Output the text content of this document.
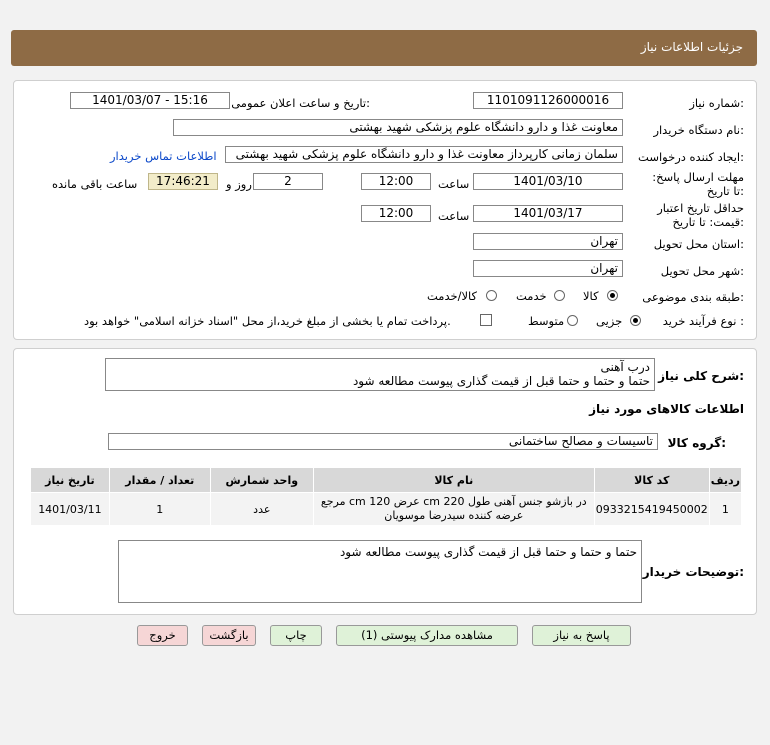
جزئیات اطلاعات نیاز
شماره نیاز:
1101091126000016
تاریخ و ساعت اعلان عمومی:
1401/03/07 - 15:16
نام دستگاه خریدار:
معاونت غذا و دارو دانشگاه علوم پزشکی شهید بهشتی
ایجاد کننده درخواست:
سلمان زمانی کارپرداز معاونت غذا و دارو دانشگاه علوم پزشکی شهید بهشتی
اطلاعات تماس خریدار
مهلت ارسال پاسخ: تا تاریخ:
1401/03/10
ساعت
12:00
2
روز و
17:46:21
ساعت باقی مانده
حداقل تاریخ اعتبار قیمت: تا تاریخ:
1401/03/17
ساعت
12:00
استان محل تحویل:
تهران
شهر محل تحویل:
تهران
طبقه بندی موضوعی:
کالا
خدمت
کالا/خدمت
نوع فرآیند خرید :
جزیی
متوسط
پرداخت تمام یا بخشی از مبلغ خرید،از محل "اسناد خزانه اسلامی" خواهد بود.
شرح کلی نیاز:
درب آهنی
حتما و حتما و حتما قبل از قیمت گذاری پیوست مطالعه شود
اطلاعات کالاهای مورد نیاز
گروه کالا:
تاسیسات و مصالح ساختمانی
ردیف	کد کالا	نام کالا	واحد شمارش	تعداد / مقدار	تاریخ نیاز
1	0933215419450002	در بازشو جنس آهنی طول 220 cm عرض 120 cm مرجع عرضه کننده سیدرضا موسویان	عدد	1	1401/03/11
توضیحات خریدار:
حتما و حتما و حتما قبل از قیمت گذاری پیوست مطالعه شود
پاسخ به نیاز
مشاهده مدارک پیوستی (1)
چاپ
بازگشت
خروج
